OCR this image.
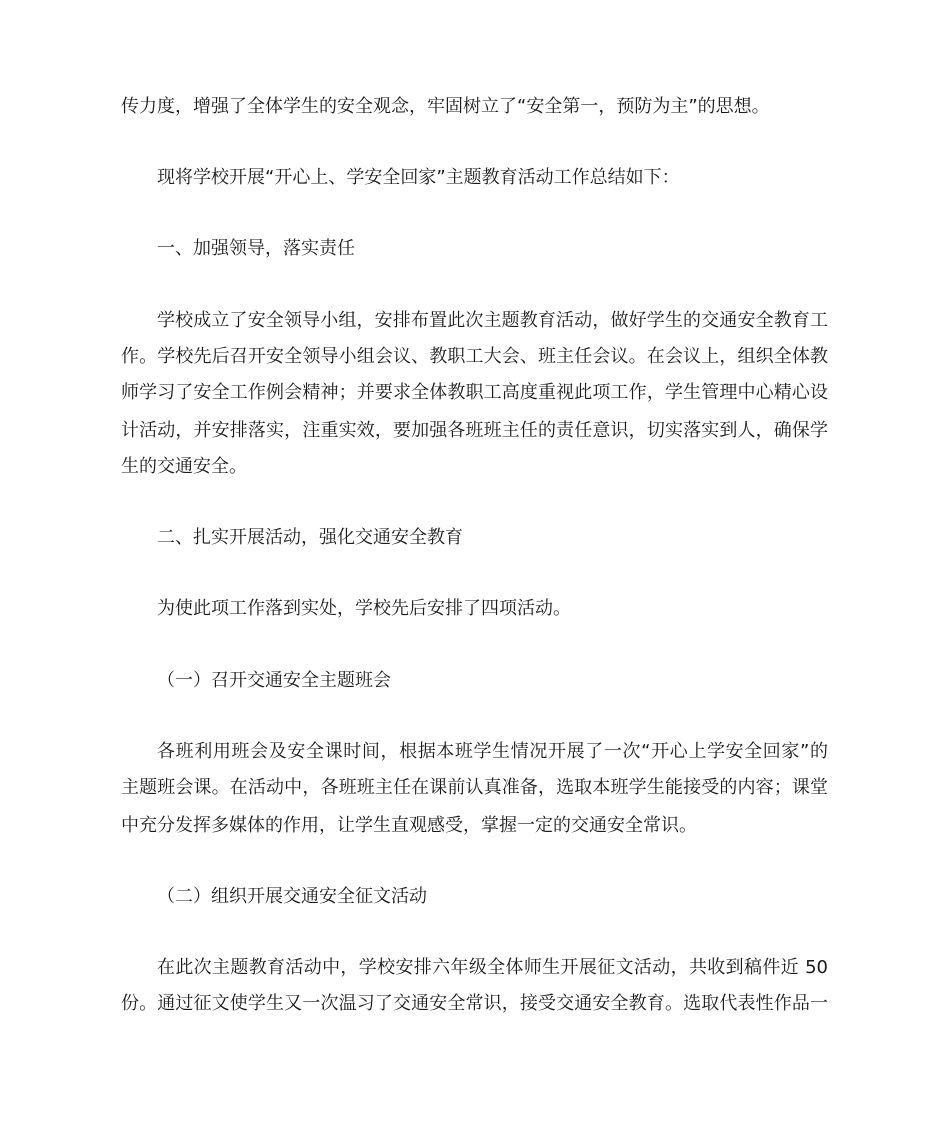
传力度，增强了全体学生的安全观念，牢固树立了“安全第一，预防为主”的思想。
现将学校开展“开心上、学安全回家”主题教育活动工作总结如下：
一、加强领导，落实责任
学校成立了安全领导小组，安排布置此次主题教育活动，做好学生的交通安全教育工
作。学校先后召开安全领导小组会议、教职工大会、班主任会议。在会议上，组织全体教
师学习了安全工作例会精神；并要求全体教职工高度重视此项工作，学生管理中心精心设
计活动，并安排落实，注重实效，要加强各班班主任的责任意识，切实落实到人，确保学
生的交通安全。
二、扎实开展活动，强化交通安全教育
为使此项工作落到实处，学校先后安排了四项活动。
（一）召开交通安全主题班会
各班利用班会及安全课时间，根据本班学生情况开展了一次“开心上学安全回家”的
主题班会课。在活动中，各班班主任在课前认真准备，选取本班学生能接受的内容；课堂
中充分发挥多媒体的作用，让学生直观感受，掌握一定的交通安全常识。
（二）组织开展交通安全征文活动
在此次主题教育活动中，学校安排六年级全体师生开展征文活动，共收到稿件近 50
份。通过征文使学生又一次温习了交通安全常识，接受交通安全教育。选取代表性作品一
